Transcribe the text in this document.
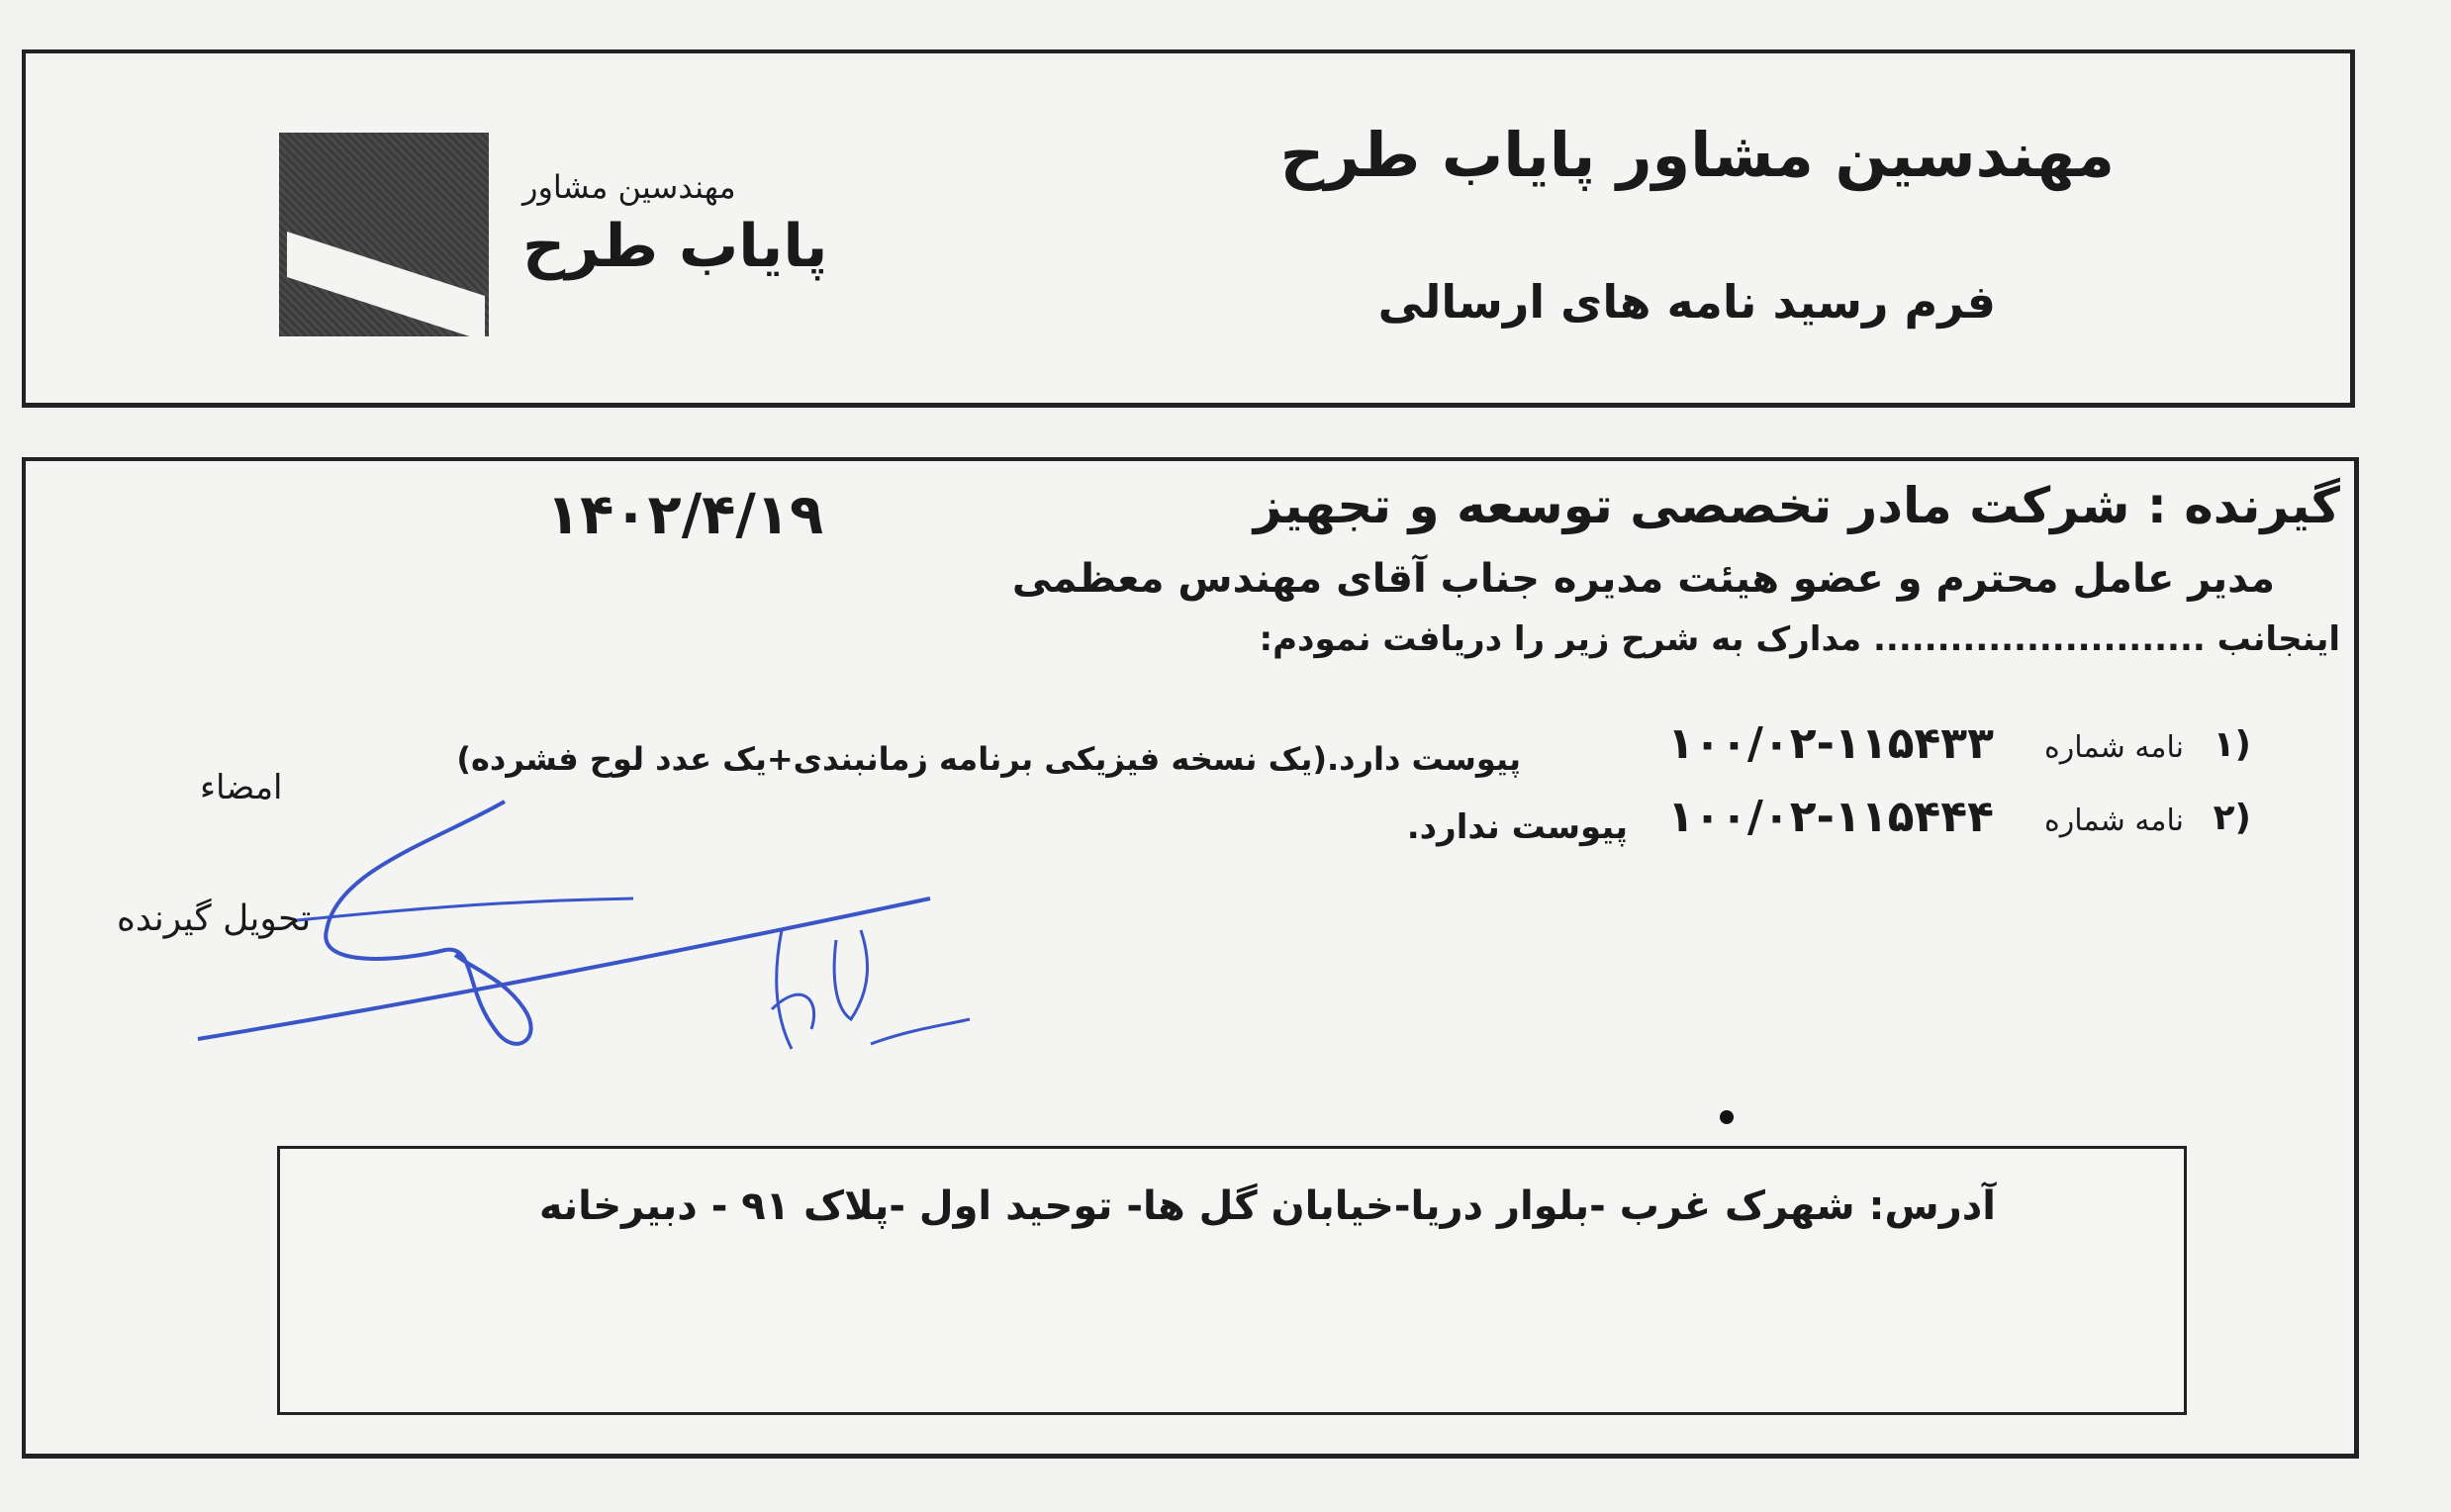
مهندسین مشاور پایاب طرح
فرم رسید نامه های ارسالی
مهندسین مشاور
پایاب طرح
گیرنده : شرکت مادر تخصصی توسعه و تجهیز
۱۴۰۲/۴/۱۹
مدیر عامل محترم و عضو هیئت مدیره جناب آقای مهندس معظمی
اینجانب .......................... مدارک به شرح زیر را دریافت نمودم:
۱)
نامه شماره
۱۰۰/۰۲-۱۱۵۴۳۳
پیوست دارد.(یک نسخه فیزیکی برنامه زمانبندی+یک عدد لوح فشرده)
۲)
نامه شماره
۱۰۰/۰۲-۱۱۵۴۴۴
پیوست ندارد.
امضاء
تحویل گیرنده
آدرس: شهرک غرب -بلوار دریا-خیابان گل ها- توحید اول -پلاک ۹۱ - دبیرخانه
